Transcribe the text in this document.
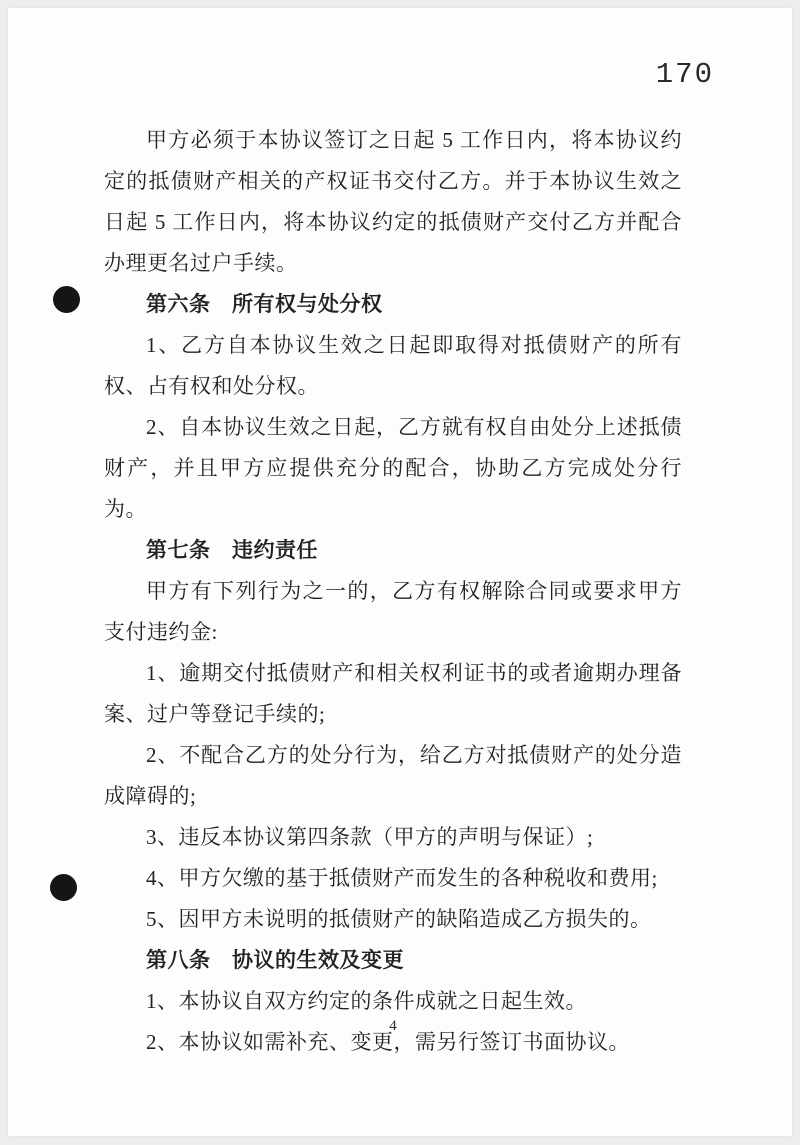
170

甲方必须于本协议签订之日起 5 工作日内，将本协议约定的抵债财产相关的产权证书交付乙方。并于本协议生效之日起 5 工作日内，将本协议约定的抵债财产交付乙方并配合办理更名过户手续。

第六条　所有权与处分权

1、乙方自本协议生效之日起即取得对抵债财产的所有权、占有权和处分权。

2、自本协议生效之日起，乙方就有权自由处分上述抵债财产，并且甲方应提供充分的配合，协助乙方完成处分行为。

第七条　违约责任

甲方有下列行为之一的，乙方有权解除合同或要求甲方支付违约金:

1、逾期交付抵债财产和相关权利证书的或者逾期办理备案、过户等登记手续的;

2、不配合乙方的处分行为，给乙方对抵债财产的处分造成障碍的;

3、违反本协议第四条款（甲方的声明与保证）;

4、甲方欠缴的基于抵债财产而发生的各种税收和费用;

5、因甲方未说明的抵债财产的缺陷造成乙方损失的。

第八条　协议的生效及变更

1、本协议自双方约定的条件成就之日起生效。

2、本协议如需补充、变更，需另行签订书面协议。

4
